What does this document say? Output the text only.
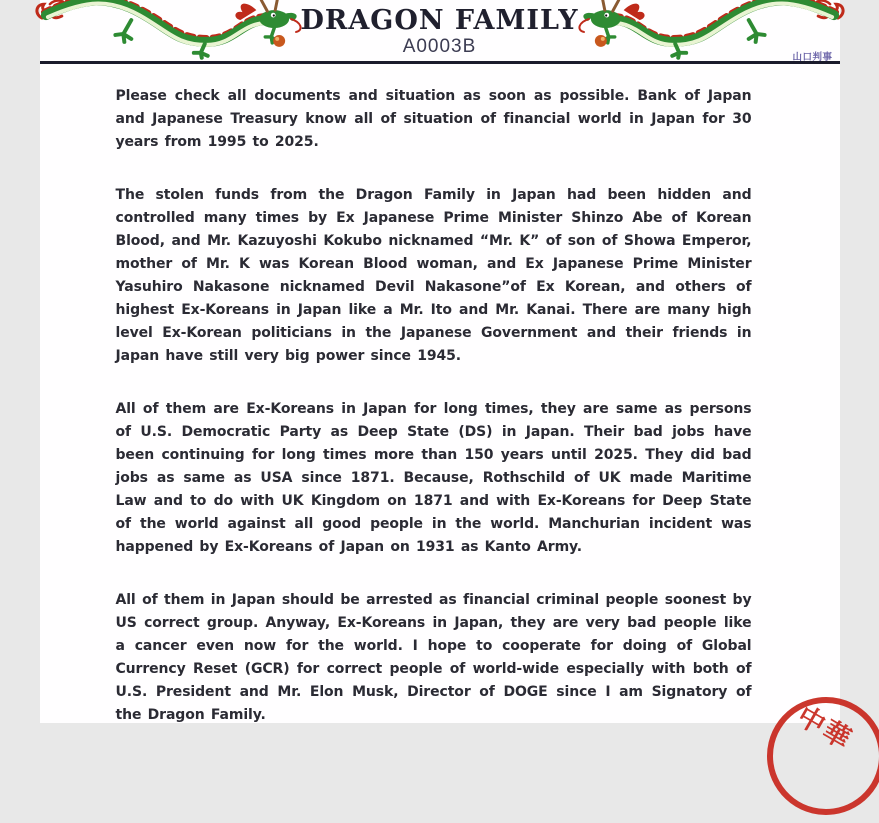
DRAGON FAMILY
A0003B
山口判事

Please check all documents and situation as soon as possible. Bank of Japan and Japanese Treasury know all of situation of financial world in Japan for 30 years from 1995 to 2025.

The stolen funds from the Dragon Family in Japan had been hidden and controlled many times by Ex Japanese Prime Minister Shinzo Abe of Korean Blood, and Mr. Kazuyoshi Kokubo nicknamed “Mr. K” of son of Showa Emperor, mother of Mr. K was Korean Blood woman, and Ex Japanese Prime Minister Yasuhiro Nakasone nicknamed Devil Nakasone”of Ex Korean, and others of highest Ex-Koreans in Japan like a Mr. Ito and Mr. Kanai. There are many high level Ex-Korean politicians in the Japanese Government and their friends in Japan have still very big power since 1945.

All of them are Ex-Koreans in Japan for long times, they are same as persons of U.S. Democratic Party as Deep State (DS) in Japan. Their bad jobs have been continuing for long times more than 150 years until 2025. They did bad jobs as same as USA since 1871. Because, Rothschild of UK made Maritime Law and to do with UK Kingdom on 1871 and with Ex-Koreans for Deep State of the world against all good people in the world. Manchurian incident was happened by Ex-Koreans of Japan on 1931 as Kanto Army.

All of them in Japan should be arrested as financial criminal people soonest by US correct group. Anyway, Ex-Koreans in Japan, they are very bad people like a cancer even now for the world. I hope to cooperate for doing of Global Currency Reset (GCR) for correct people of world-wide especially with both of U.S. President and Mr. Elon Musk, Director of DOGE since I am Signatory of the Dragon Family.	中華
